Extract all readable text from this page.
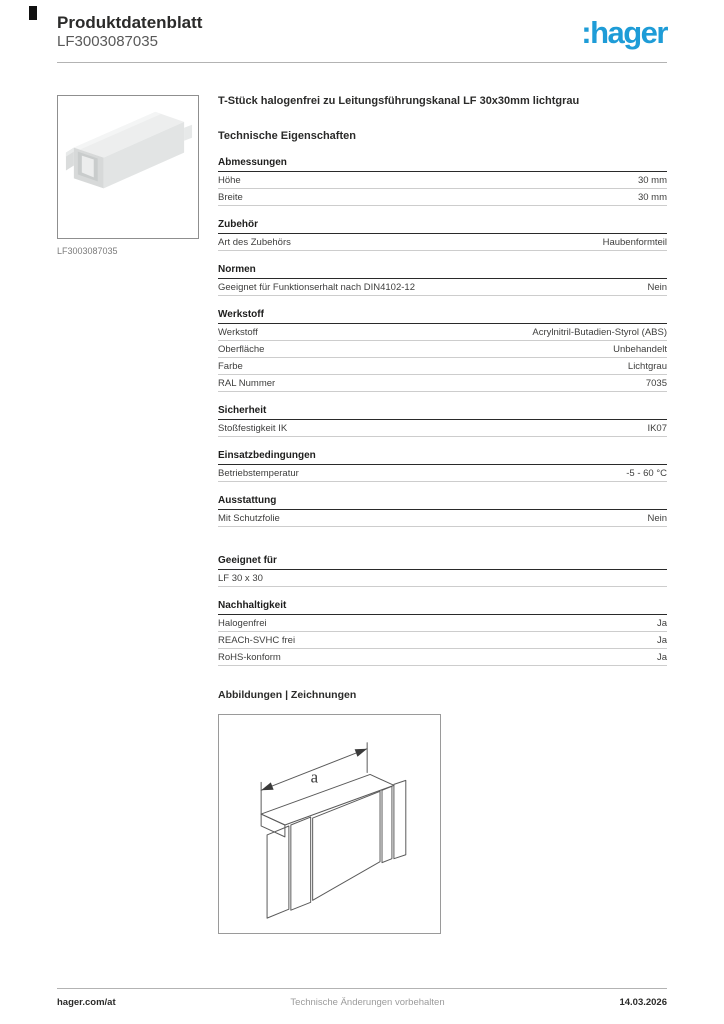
Produktdatenblatt
LF3003087035	:hager
LF3003087035
T-Stück halogenfrei zu Leitungsführungskanal LF 30x30mm lichtgrau
Technische Eigenschaften
Abmessungen
Höhe	30 mm
Breite	30 mm
Zubehör
Art des Zubehörs	Haubenformteil
Normen
Geeignet für Funktionserhalt nach DIN4102-12	Nein
Werkstoff
Werkstoff	Acrylnitril-Butadien-Styrol (ABS)
Oberfläche	Unbehandelt
Farbe	Lichtgrau
RAL Nummer	7035
Sicherheit
Stoßfestigkeit IK	IK07
Einsatzbedingungen
Betriebstemperatur	-5 - 60 °C
Ausstattung
Mit Schutzfolie	Nein
Geeignet für
LF 30 x 30
Nachhaltigkeit
Halogenfrei	Ja
REACh-SVHC frei	Ja
RoHS-konform	Ja
Abbildungen | Zeichnungen
a
hager.com/at	Technische Änderungen vorbehalten	14.03.2026
